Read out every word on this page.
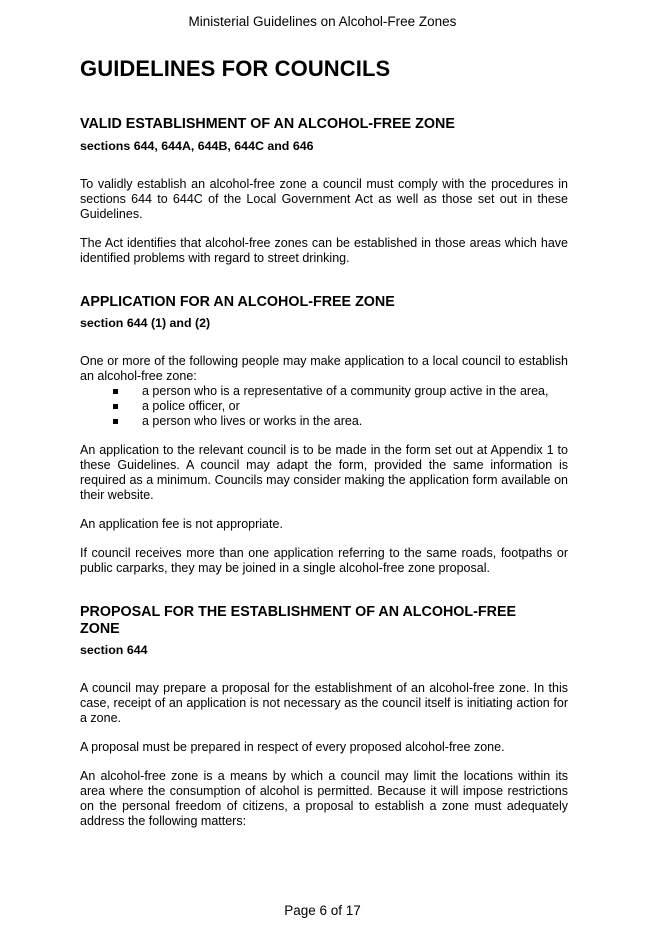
Ministerial Guidelines on Alcohol-Free Zones
GUIDELINES FOR COUNCILS
VALID ESTABLISHMENT OF AN ALCOHOL-FREE ZONE
sections 644, 644A, 644B, 644C and 646

To validly establish an alcohol-free zone a council must comply with the procedures in sections 644 to 644C of the Local Government Act as well as those set out in these Guidelines.

The Act identifies that alcohol-free zones can be established in those areas which have identified problems with regard to street drinking.

APPLICATION FOR AN ALCOHOL-FREE ZONE
section 644 (1) and (2)

One or more of the following people may make application to a local council to establish an alcohol-free zone:

a person who is a representative of a community group active in the area,
a police officer, or
a person who lives or works in the area.

An application to the relevant council is to be made in the form set out at Appendix 1 to these Guidelines. A council may adapt the form, provided the same information is required as a minimum. Councils may consider making the application form available on their website.

An application fee is not appropriate.

If council receives more than one application referring to the same roads, footpaths or public carparks, they may be joined in a single alcohol-free zone proposal.

PROPOSAL FOR THE ESTABLISHMENT OF AN ALCOHOL-FREE
ZONE
section 644

A council may prepare a proposal for the establishment of an alcohol-free zone. In this case, receipt of an application is not necessary as the council itself is initiating action for a zone.

A proposal must be prepared in respect of every proposed alcohol-free zone.

An alcohol-free zone is a means by which a council may limit the locations within its area where the consumption of alcohol is permitted. Because it will impose restrictions on the personal freedom of citizens, a proposal to establish a zone must adequately address the following matters:

Page 6 of 17
